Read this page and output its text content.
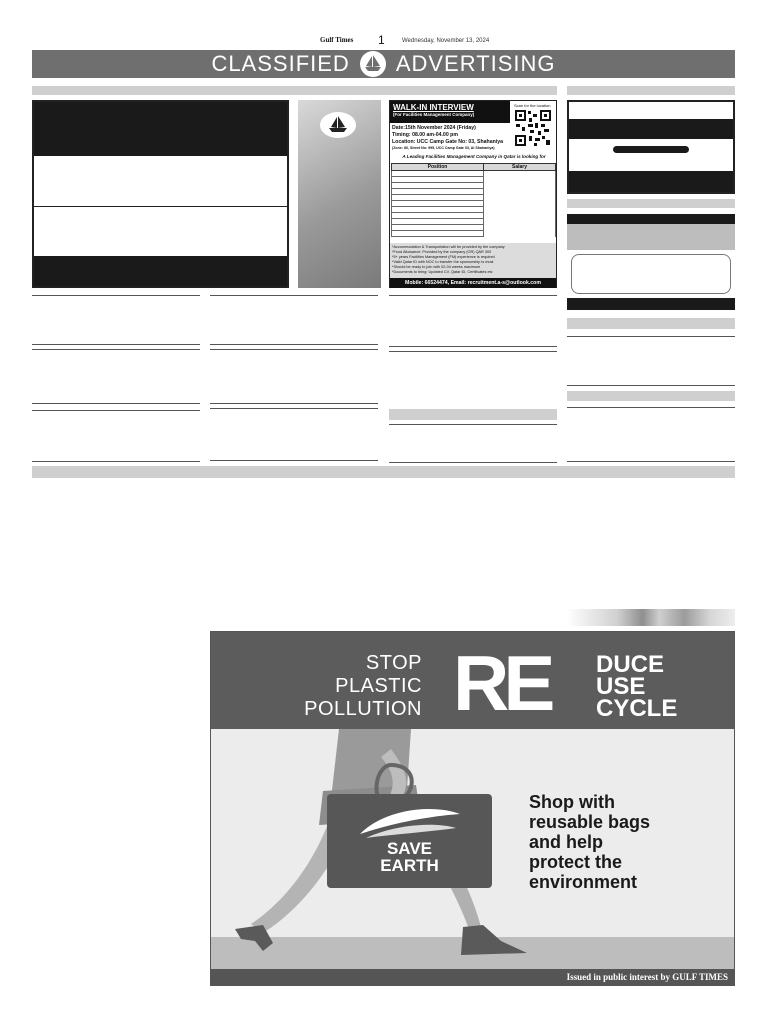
Gulf Times 1	Wednesday, November 13, 2024
CLASSIFIED ADVERTISING
WALK-IN INTERVIEW
(For Facilities Management Company)
Scan for the location
Date:15th November 2024 (Friday)
Timing: 08.00 am-04.00 pm
Location: UCC Camp Gate No: 03, Shahaniya
(Zone: 80, Street No: 995, UCC Camp Gate 03, Al Shahaniya)
A Leading Facilities Management Company in Qatar is looking for
Position	Salary

*Accommodation & Transportation will be provided by the company
*Food Allowance: Provided by the company (OR) QAR 300
*5+ years Facilities Management (FM) experience is required
*Valid Qatar ID with NOC to transfer the sponsorship is must
*Should be ready to join with 02-04 weeks maximum
*Documents to bring: Updated CV, Qatar ID, Certificates etc
Mobile: 66524474, Email: recruitment.a-s@outlook.com
STOP
PLASTIC
POLLUTION RE DUCE
USE
CYCLE
SAVE
EARTH
Shop with
reusable bags
and help
protect the
environment
Issued in public interest by GULF TIMES
